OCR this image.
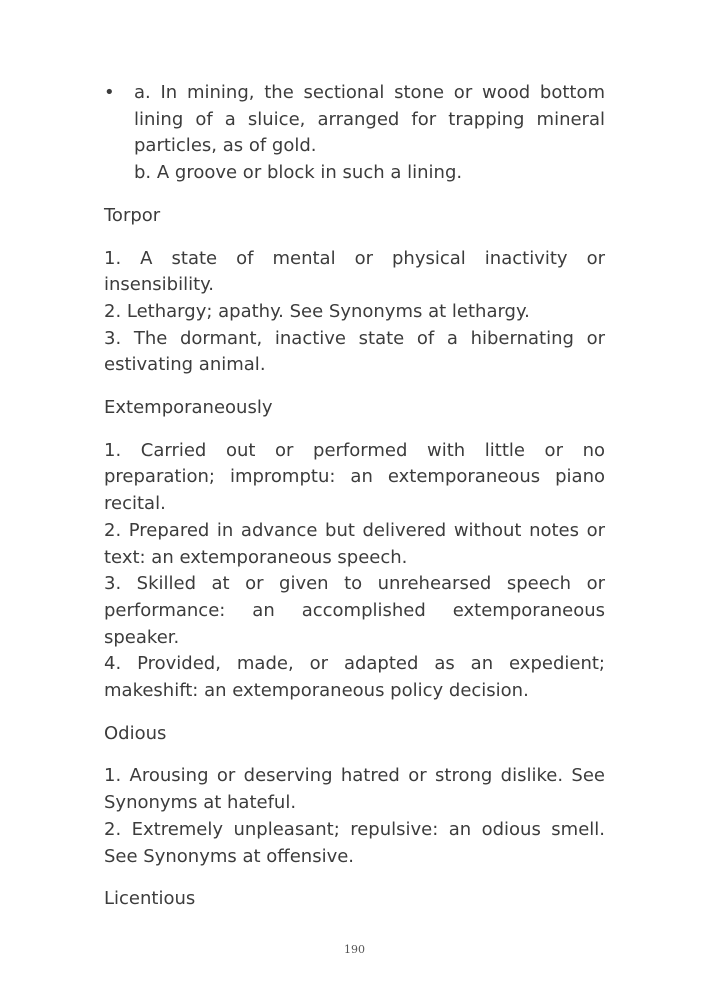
• a. In mining, the sectional stone or wood bottom lining of a sluice, arranged for trapping mineral particles, as of gold.
b. A groove or block in such a lining.
Torpor
1. A state of mental or physical inactivity or insensibility.
2. Lethargy; apathy. See Synonyms at lethargy.
3. The dormant, inactive state of a hibernating or estivating animal.
Extemporaneously
1. Carried out or performed with little or no preparation; impromptu: an extemporaneous piano recital.
2. Prepared in advance but delivered without notes or text: an extemporaneous speech.
3. Skilled at or given to unrehearsed speech or performance: an accomplished extemporaneous speaker.
4. Provided, made, or adapted as an expedient; makeshift: an extemporaneous policy decision.
Odious
1. Arousing or deserving hatred or strong dislike. See Synonyms at hateful.
2. Extremely unpleasant; repulsive: an odious smell. See Synonyms at offensive.
Licentious
190
